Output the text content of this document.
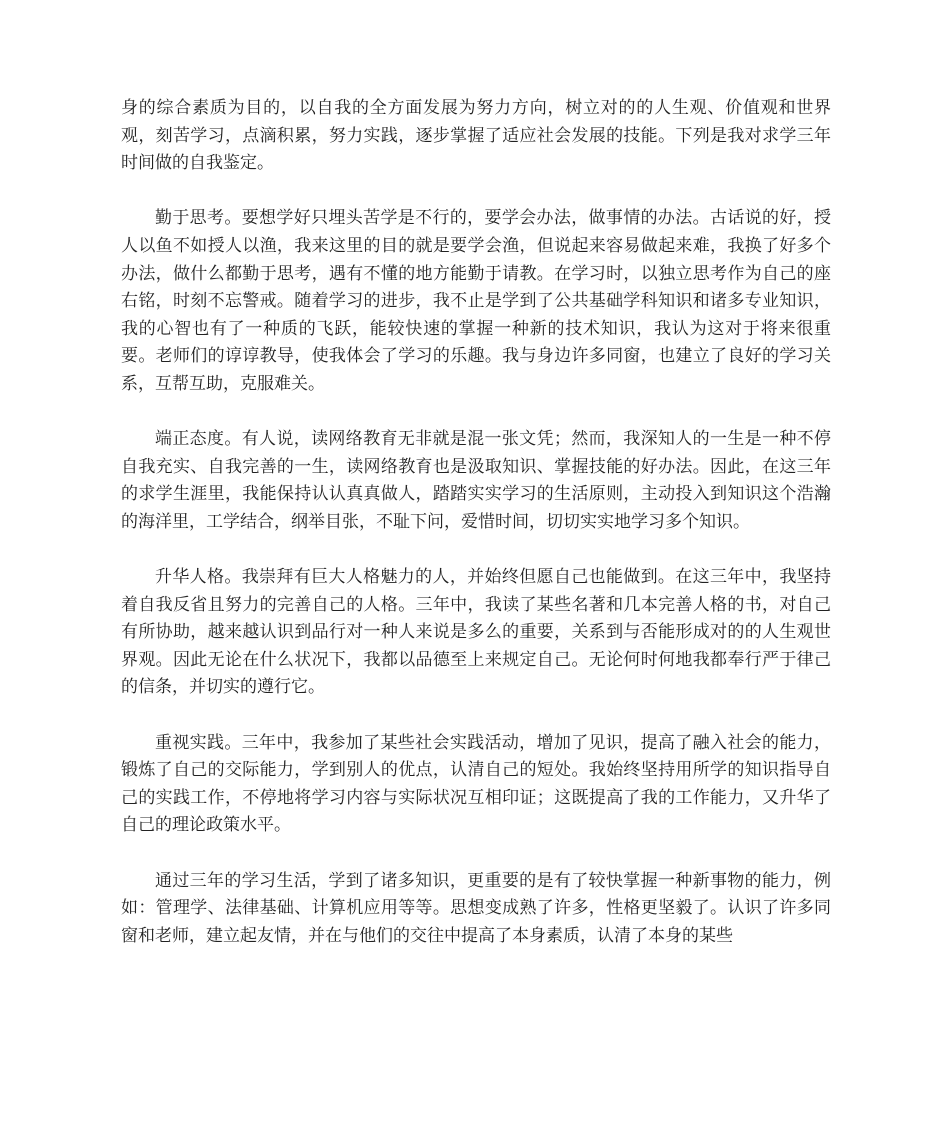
身的综合素质为目的，以自我的全方面发展为努力方向，树立对的的人生观、价值观和世界观，刻苦学习，点滴积累，努力实践，逐步掌握了适应社会发展的技能。下列是我对求学三年时间做的自我鉴定。

勤于思考。要想学好只埋头苦学是不行的，要学会办法，做事情的办法。古话说的好，授人以鱼不如授人以渔，我来这里的目的就是要学会渔，但说起来容易做起来难，我换了好多个办法，做什么都勤于思考，遇有不懂的地方能勤于请教。在学习时，以独立思考作为自己的座右铭，时刻不忘警戒。随着学习的进步，我不止是学到了公共基础学科知识和诸多专业知识，我的心智也有了一种质的飞跃，能较快速的掌握一种新的技术知识，我认为这对于将来很重要。老师们的谆谆教导，使我体会了学习的乐趣。我与身边许多同窗，也建立了良好的学习关系，互帮互助，克服难关。

端正态度。有人说，读网络教育无非就是混一张文凭；然而，我深知人的一生是一种不停自我充实、自我完善的一生，读网络教育也是汲取知识、掌握技能的好办法。因此，在这三年的求学生涯里，我能保持认认真真做人，踏踏实实学习的生活原则，主动投入到知识这个浩瀚的海洋里，工学结合，纲举目张，不耻下问，爱惜时间，切切实实地学习多个知识。

升华人格。我崇拜有巨大人格魅力的人，并始终但愿自己也能做到。在这三年中，我坚持着自我反省且努力的完善自己的人格。三年中，我读了某些名著和几本完善人格的书，对自己有所协助，越来越认识到品行对一种人来说是多么的重要，关系到与否能形成对的的人生观世界观。因此无论在什么状况下，我都以品德至上来规定自己。无论何时何地我都奉行严于律己的信条，并切实的遵行它。

重视实践。三年中，我参加了某些社会实践活动，增加了见识，提高了融入社会的能力，锻炼了自己的交际能力，学到别人的优点，认清自己的短处。我始终坚持用所学的知识指导自己的实践工作，不停地将学习内容与实际状况互相印证；这既提高了我的工作能力，又升华了自己的理论政策水平。

通过三年的学习生活，学到了诸多知识，更重要的是有了较快掌握一种新事物的能力，例如：管理学、法律基础、计算机应用等等。思想变成熟了许多，性格更坚毅了。认识了许多同窗和老师，建立起友情，并在与他们的交往中提高了本身素质，认清了本身的某些
